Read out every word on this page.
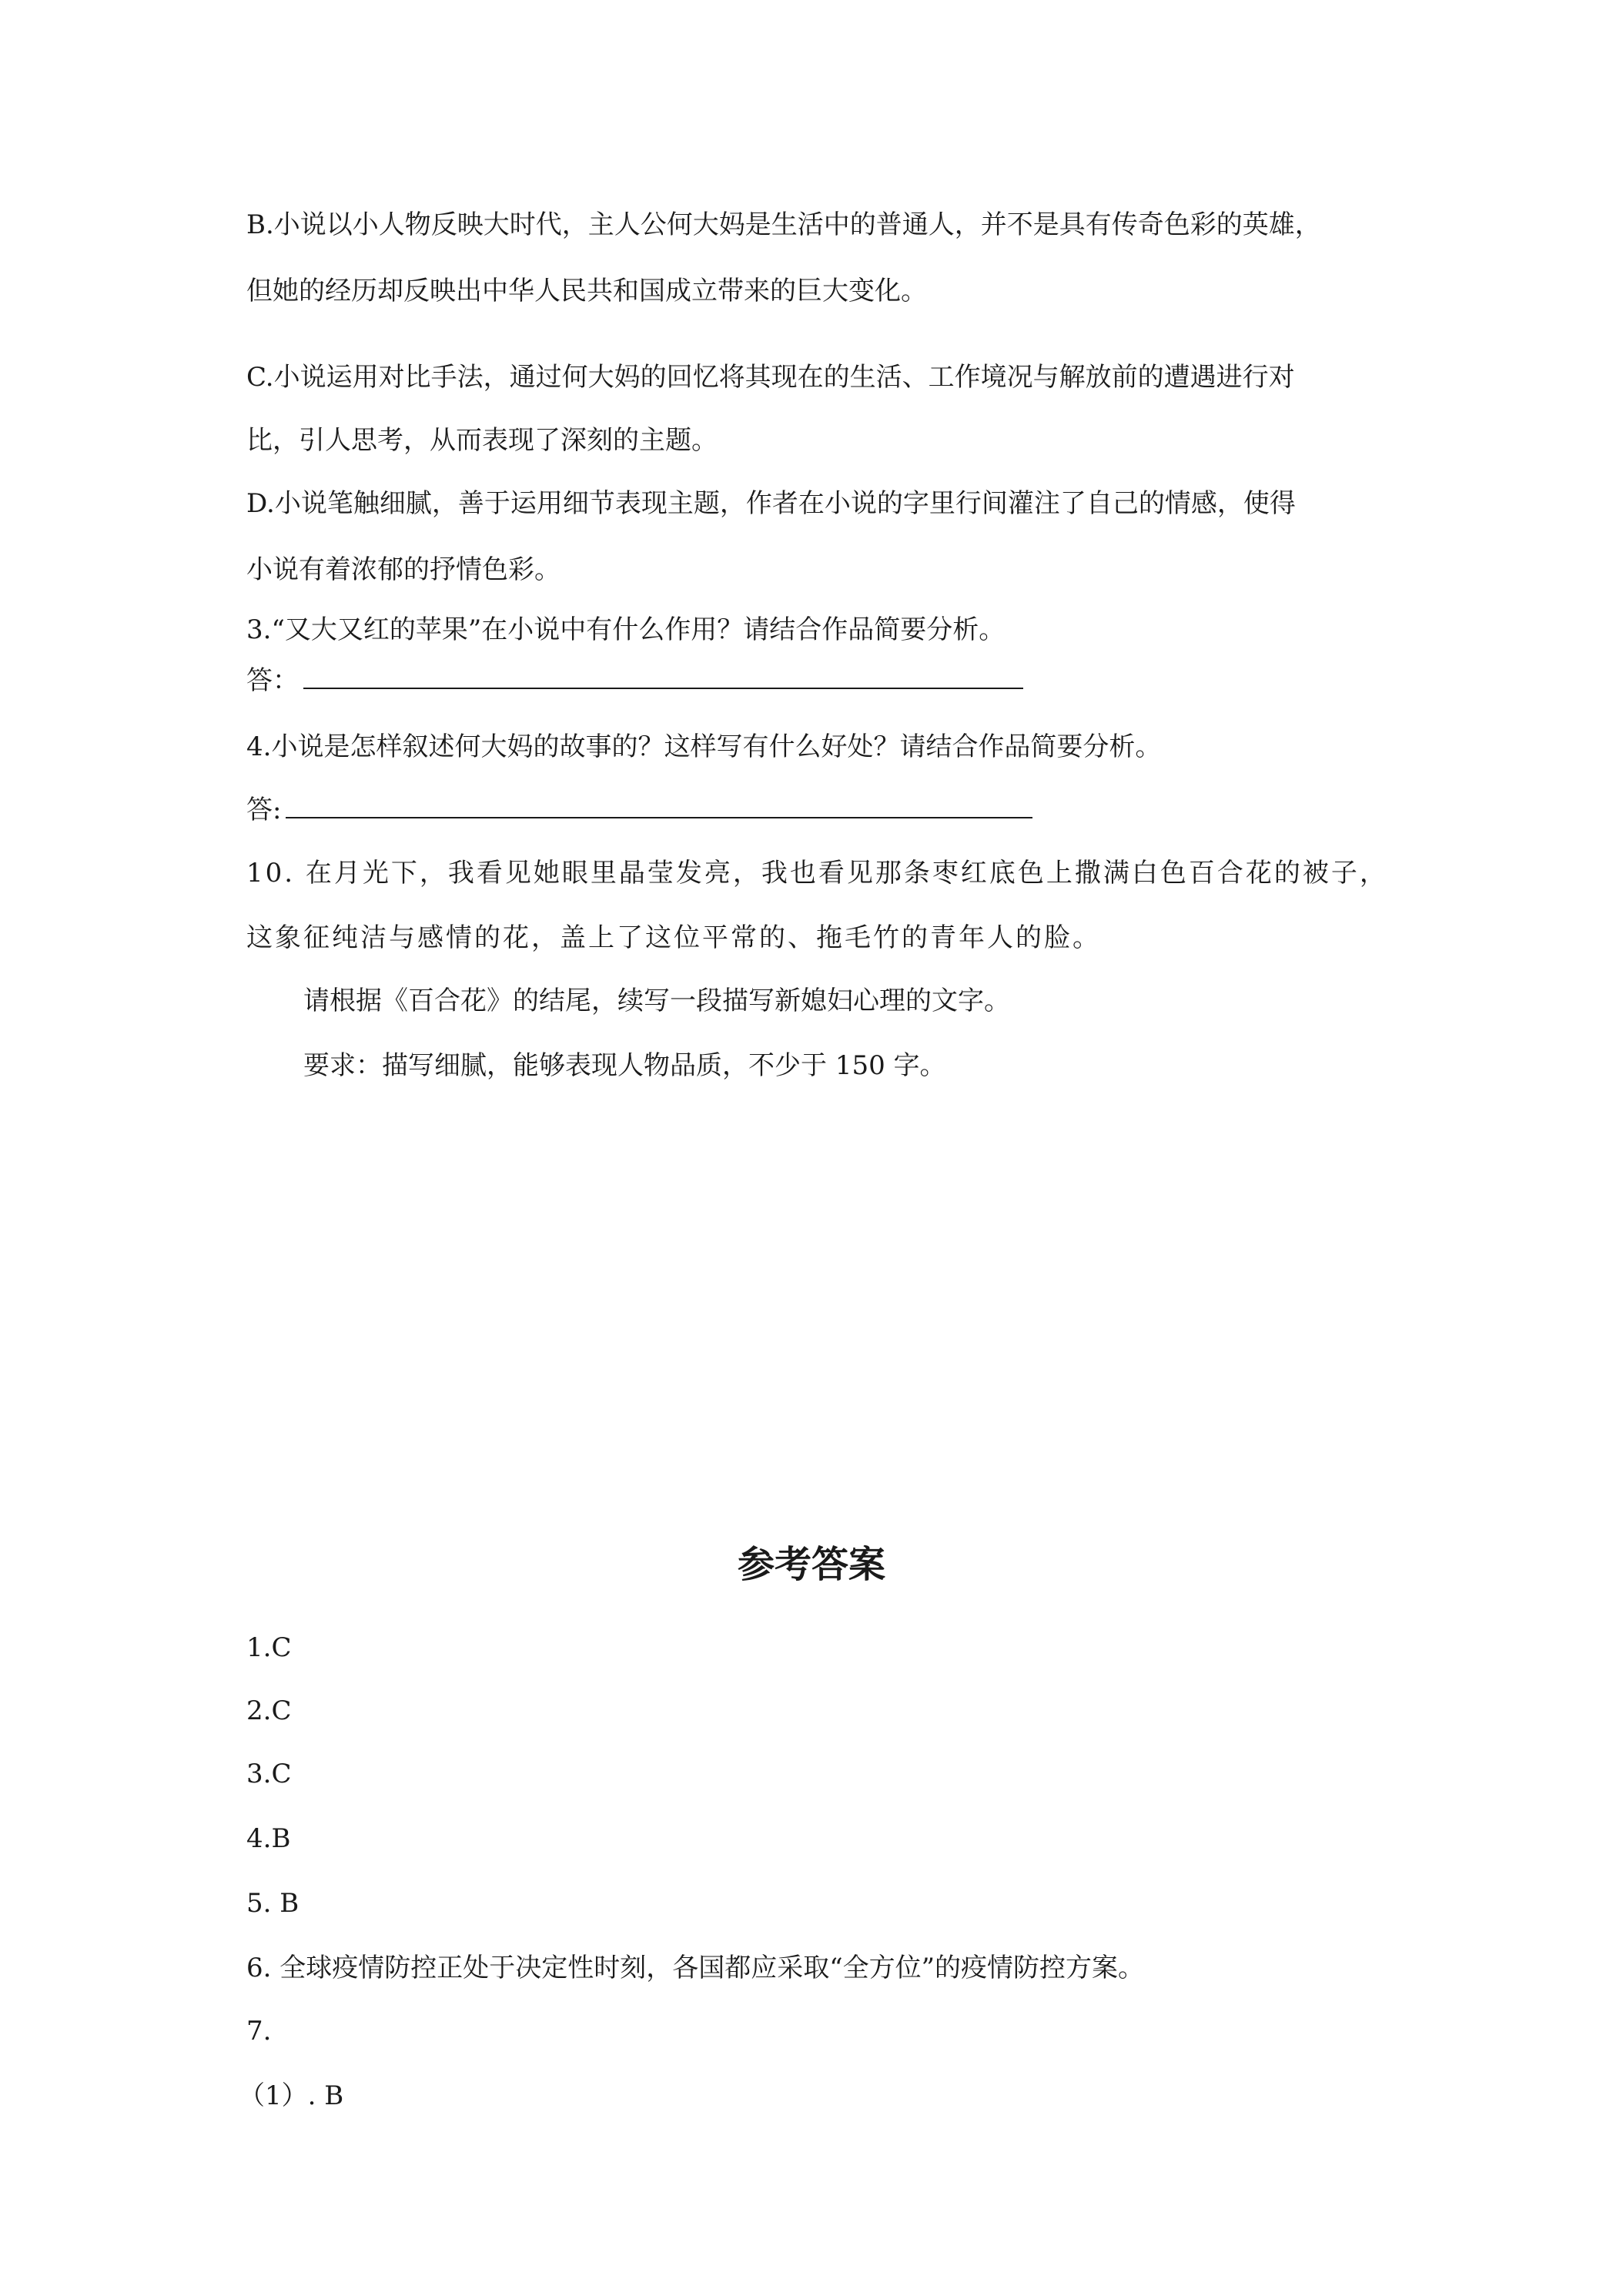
B.小说以小人物反映大时代，主人公何大妈是生活中的普通人，并不是具有传奇色彩的英雄，
但她的经历却反映出中华人民共和国成立带来的巨大变化。
C.小说运用对比手法，通过何大妈的回忆将其现在的生活、工作境况与解放前的遭遇进行对
比，引人思考，从而表现了深刻的主题。
D.小说笔触细腻，善于运用细节表现主题，作者在小说的字里行间灌注了自己的情感，使得
小说有着浓郁的抒情色彩。
3.“又大又红的苹果”在小说中有什么作用？请结合作品简要分析。
答：
4.小说是怎样叙述何大妈的故事的？这样写有什么好处？请结合作品简要分析。
答:
10. 在月光下，我看见她眼里晶莹发亮，我也看见那条枣红底色上撒满白色百合花的被子，
这象征纯洁与感情的花，盖上了这位平常的、拖毛竹的青年人的脸。
请根据《百合花》的结尾，续写一段描写新媳妇心理的文字。
要求：描写细腻，能够表现人物品质，不少于 150 字。
参考答案
1.C
2.C
3.C
4.B
5. B
6. 全球疫情防控正处于决定性时刻，各国都应采取“全方位”的疫情防控方案。
7.
（1）. B
